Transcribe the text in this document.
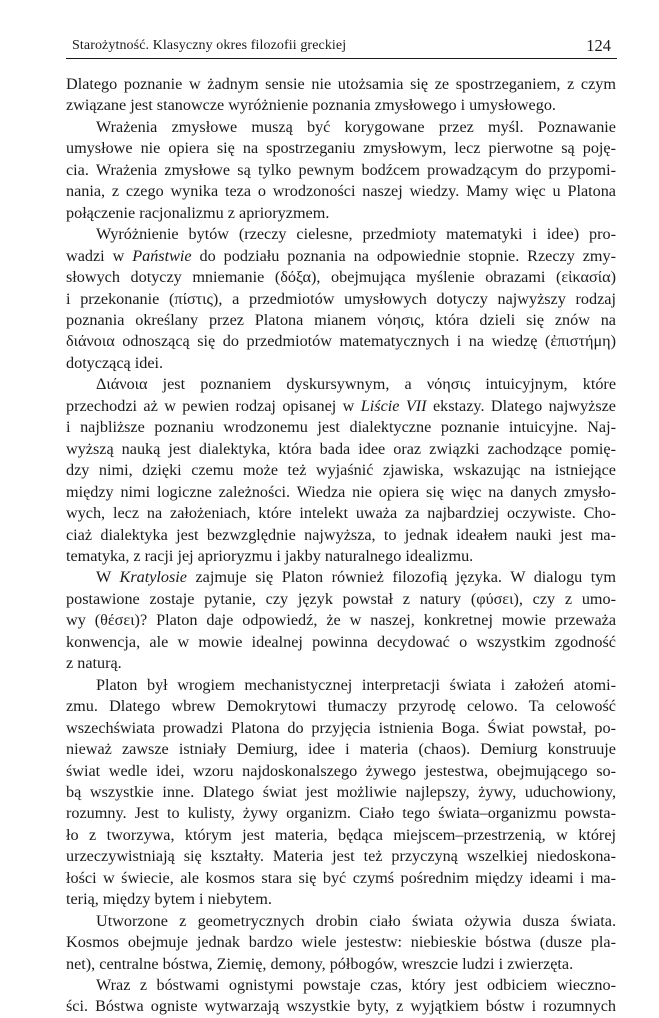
Starożytność. Klasyczny okres filozofii greckiej	124
Dlatego poznanie w żadnym sensie nie utożsamia się ze spostrzeganiem, z czym
związane jest stanowcze wyróżnienie poznania zmysłowego i umysłowego.
Wrażenia zmysłowe muszą być korygowane przez myśl. Poznawanie
umysłowe nie opiera się na spostrzeganiu zmysłowym, lecz pierwotne są poję-
cia. Wrażenia zmysłowe są tylko pewnym bodźcem prowadzącym do przypomi-
nania, z czego wynika teza o wrodzoności naszej wiedzy. Mamy więc u Platona
połączenie racjonalizmu z aprioryzmem.
Wyróżnienie bytów (rzeczy cielesne, przedmioty matematyki i idee) pro-
wadzi w Państwie do podziału poznania na odpowiednie stopnie. Rzeczy zmy-
słowych dotyczy mniemanie (δόξα), obejmująca myślenie obrazami (εἰκασία)
i przekonanie (πίστις), a przedmiotów umysłowych dotyczy najwyższy rodzaj
poznania określany przez Platona mianem νόησις, która dzieli się znów na
διάνοια odnoszącą się do przedmiotów matematycznych i na wiedzę (ἐπιστήμη)
dotyczącą idei.
Διάνοια jest poznaniem dyskursywnym, a νόησις intuicyjnym, które
przechodzi aż w pewien rodzaj opisanej w Liście VII ekstazy. Dlatego najwyższe
i najbliższe poznaniu wrodzonemu jest dialektyczne poznanie intuicyjne. Naj-
wyższą nauką jest dialektyka, która bada idee oraz związki zachodzące pomię-
dzy nimi, dzięki czemu może też wyjaśnić zjawiska, wskazując na istniejące
między nimi logiczne zależności. Wiedza nie opiera się więc na danych zmysło-
wych, lecz na założeniach, które intelekt uważa za najbardziej oczywiste. Cho-
ciaż dialektyka jest bezwzględnie najwyższa, to jednak ideałem nauki jest ma-
tematyka, z racji jej aprioryzmu i jakby naturalnego idealizmu.
W Kratylosie zajmuje się Platon również filozofią języka. W dialogu tym
postawione zostaje pytanie, czy język powstał z natury (φύσει), czy z umo-
wy (θέσει)? Platon daje odpowiedź, że w naszej, konkretnej mowie przeważa
konwencja, ale w mowie idealnej powinna decydować o wszystkim zgodność
z naturą.
Platon był wrogiem mechanistycznej interpretacji świata i założeń atomi-
zmu. Dlatego wbrew Demokrytowi tłumaczy przyrodę celowo. Ta celowość
wszechświata prowadzi Platona do przyjęcia istnienia Boga. Świat powstał, po-
nieważ zawsze istniały Demiurg, idee i materia (chaos). Demiurg konstruuje
świat wedle idei, wzoru najdoskonalszego żywego jestestwa, obejmującego so-
bą wszystkie inne. Dlatego świat jest możliwie najlepszy, żywy, uduchowiony,
rozumny. Jest to kulisty, żywy organizm. Ciało tego świata–organizmu powsta-
ło z tworzywa, którym jest materia, będąca miejscem–przestrzenią, w której
urzeczywistniają się kształty. Materia jest też przyczyną wszelkiej niedoskona-
łości w świecie, ale kosmos stara się być czymś pośrednim między ideami i ma-
terią, między bytem i niebytem.
Utworzone z geometrycznych drobin ciało świata ożywia dusza świata.
Kosmos obejmuje jednak bardzo wiele jestestw: niebieskie bóstwa (dusze pla-
net), centralne bóstwa, Ziemię, demony, półbogów, wreszcie ludzi i zwierzęta.
Wraz z bóstwami ognistymi powstaje czas, który jest odbiciem wieczno-
ści. Bóstwa ogniste wytwarzają wszystkie byty, z wyjątkiem bóstw i rozumnych
